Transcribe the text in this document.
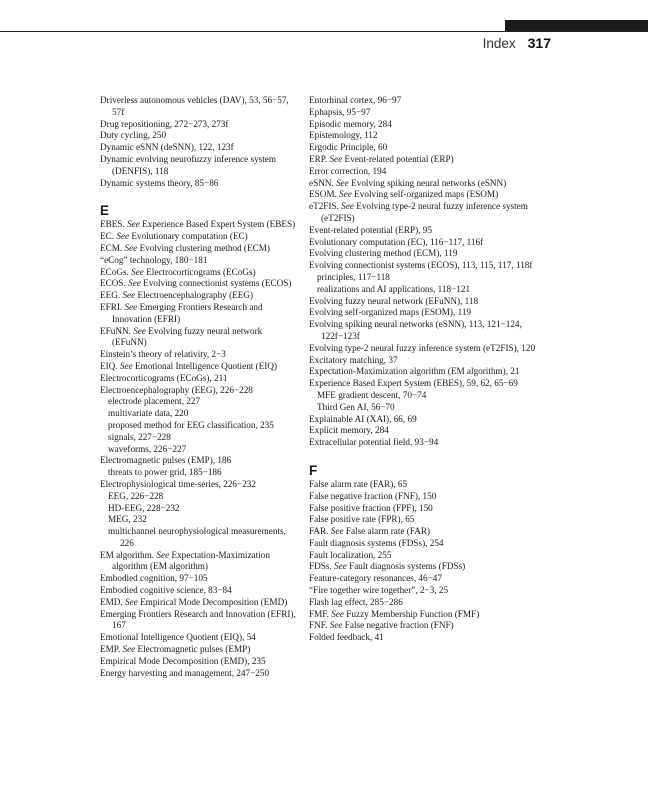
Index 317
Driverless autonomous vehicles (DAV), 53, 56−57, 57f
Drug repositioning, 272−273, 273f
Duty cycling, 250
Dynamic eSNN (deSNN), 122, 123f
Dynamic evolving neurofuzzy inference system (DENFIS), 118
Dynamic systems theory, 85−86
E
EBES. See Experience Based Expert System (EBES)
EC. See Evolutionary computation (EC)
ECM. See Evolving clustering method (ECM)
“eCog” technology, 180−181
ECoGs. See Electrocorticograms (ECoGs)
ECOS. See Evolving connectionist systems (ECOS)
EEG. See Electroencephalography (EEG)
EFRI. See Emerging Frontiers Research and Innovation (EFRI)
EFuNN. See Evolving fuzzy neural network (EFuNN)
Einstein’s theory of relativity, 2−3
EIQ. See Emotional Intelligence Quotient (EIQ)
Electrocorticograms (ECoGs), 211
Electroencephalography (EEG), 226−228
electrode placement, 227
multivariate data, 220
proposed method for EEG classification, 235
signals, 227−228
waveforms, 226−227
Electromagnetic pulses (EMP), 186
threats to power grid, 185−186
Electrophysiological time-series, 226−232
EEG, 226−228
HD-EEG, 228−232
MEG, 232
multichannel neurophysiological measurements, 226
EM algorithm. See Expectation-Maximization algorithm (EM algorithm)
Embodied cognition, 97−105
Embodied cognitive science, 83−84
EMD. See Empirical Mode Decomposition (EMD)
Emerging Frontiers Research and Innovation (EFRI), 167
Emotional Intelligence Quotient (EIQ), 54
EMP. See Electromagnetic pulses (EMP)
Empirical Mode Decomposition (EMD), 235
Energy harvesting and management, 247−250
Entorhinal cortex, 96−97
Ephapsis, 95−97
Episodic memory, 284
Epistemology, 112
Ergodic Principle, 60
ERP. See Event-related potential (ERP)
Error correction, 194
eSNN. See Evolving spiking neural networks (eSNN)
ESOM. See Evolving self-organized maps (ESOM)
eT2FIS. See Evolving type-2 neural fuzzy inference system (eT2FIS)
Event-related potential (ERP), 95
Evolutionary computation (EC), 116−117, 116f
Evolving clustering method (ECM), 119
Evolving connectionist systems (ECOS), 113, 115, 117, 118f
principles, 117−118
realizations and AI applications, 118−121
Evolving fuzzy neural network (EFuNN), 118
Evolving self-organized maps (ESOM), 119
Evolving spiking neural networks (eSNN), 113, 121−124, 122f−123f
Evolving type-2 neural fuzzy inference system (eT2FIS), 120
Excitatory matching, 37
Expectation-Maximization algorithm (EM algorithm), 21
Experience Based Expert System (EBES), 59, 62, 65−69
MFE gradient descent, 70−74
Third Gen AI, 56−70
Explainable AI (XAI), 66, 69
Explicit memory, 284
Extracellular potential field, 93−94
F
False alarm rate (FAR), 65
False negative fraction (FNF), 150
False positive fraction (FPF), 150
False positive rate (FPR), 65
FAR. See False alarm rate (FAR)
Fault diagnosis systems (FDSs), 254
Fault localization, 255
FDSs. See Fault diagnosis systems (FDSs)
Feature-category resonances, 46−47
“Fire together wire together”, 2−3, 25
Flash lag effect, 285−286
FMF. See Fuzzy Membership Function (FMF)
FNF. See False negative fraction (FNF)
Folded feedback, 41
